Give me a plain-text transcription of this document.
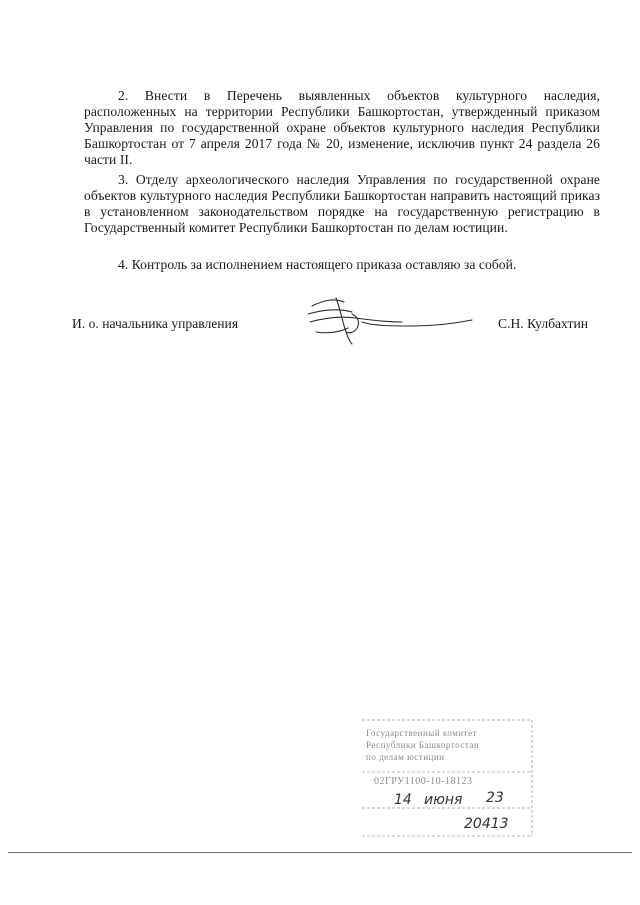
2. Внести в Перечень выявленных объектов культурного наследия, расположенных на территории Республики Башкортостан, утвержденный приказом Управления по государственной охране объектов культурного наследия Республики Башкортостан от 7 апреля 2017 года № 20, изменение, исключив пункт 24 раздела 26 части II.

3. Отделу археологического наследия Управления по государственной охране объектов культурного наследия Республики Башкортостан направить настоящий приказ в установленном законодательством порядке на государственную регистрацию в Государственный комитет Республики Башкортостан по делам юстиции.

4. Контроль за исполнением настоящего приказа оставляю за собой.

И. о. начальника управления	С.Н. Кулбахтин
Государственный комитет
Республики Башкортостан
по делам юстиции
02ГРУ1100-10-18123
14 июня 23
20413
